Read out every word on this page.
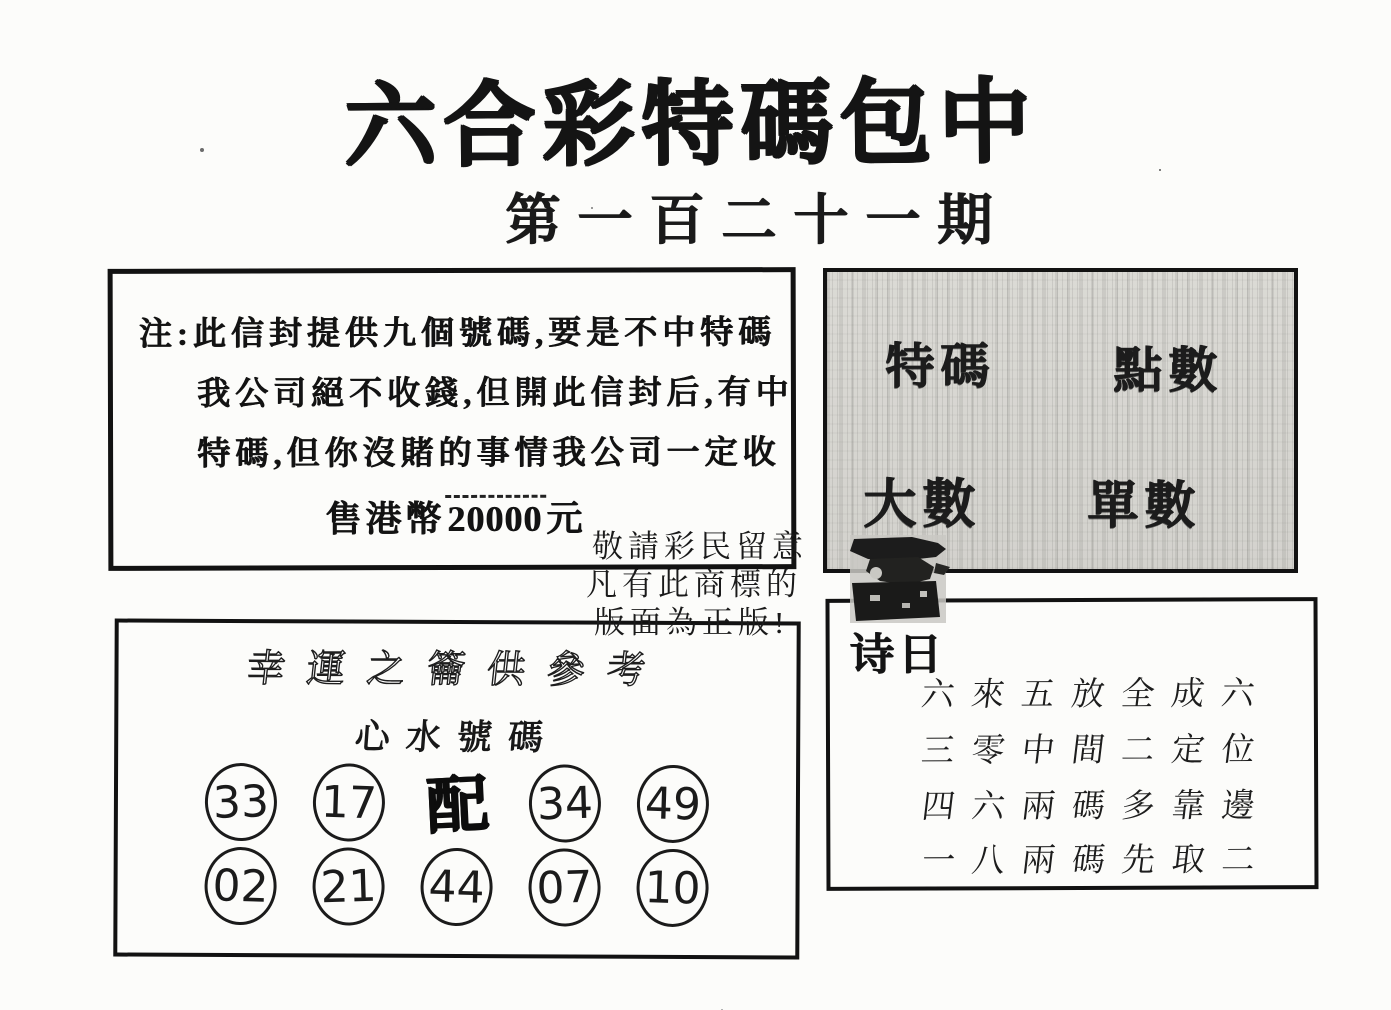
六合彩特碼包中
第一百二十一期
注:此信封提供九個號碼,要是不中特碼
我公司絕不收錢,但開此信封后,有中
特碼,但你沒賭的事情我公司一定收
售港幣20000 元
特碼 點數
大數 單數
敬請彩民留意
凡有此商標的
版面為正版!
幸運之籥供參考
心水號碼
33 17 配 34 49
02 21 44 07 10
诗日
六來五放全成六
三零中間二定位
四六兩碼多靠邊
一八兩碼先取二
